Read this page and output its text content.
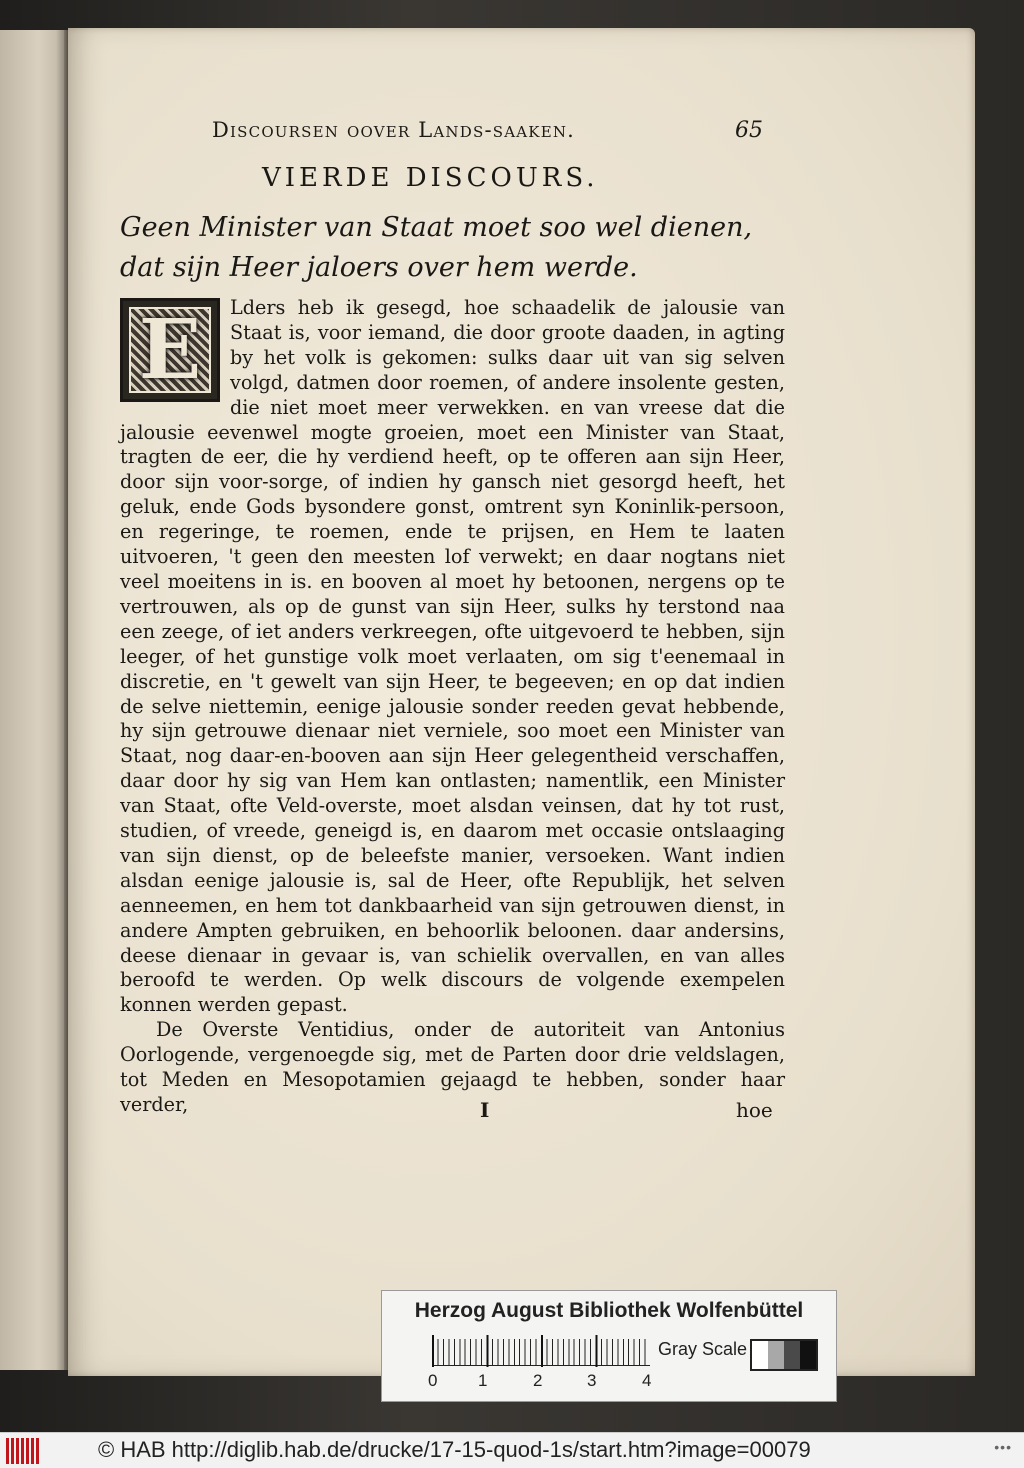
Discoursen oover Lands-saaken.	65
VIERDE DISCOURS.
Geen Minister van Staat moet soo wel dienen, dat sijn Heer jaloers over hem werde.
E	Lders heb ik gesegd, hoe schaadelik de jalousie van Staat is, voor iemand, die door groote daaden, in agting by het volk is gekomen: sulks daar uit van sig selven volgd, datmen door roemen, of andere insolente gesten, die niet moet meer verwekken. en van vreese dat die jalousie eevenwel mogte groeien, moet een Minister van Staat, tragten de eer, die hy verdiend heeft, op te offeren aan sijn Heer, door sijn voor-sorge, of indien hy gansch niet gesorgd heeft, het geluk, ende Gods bysondere gonst, omtrent syn Koninlik-persoon, en regeringe, te roemen, ende te prijsen, en Hem te laaten uitvoeren, 't geen den meesten lof verwekt; en daar nogtans niet veel moeitens in is. en booven al moet hy betoonen, nergens op te vertrouwen, als op de gunst van sijn Heer, sulks hy terstond naa een zeege, of iet anders verkreegen, ofte uitgevoerd te hebben, sijn leeger, of het gunstige volk moet verlaaten, om sig t'eenemaal in discretie, en 't gewelt van sijn Heer, te begeeven; en op dat indien de selve niettemin, eenige jalousie sonder reeden gevat hebbende, hy sijn getrouwe dienaar niet verniele, soo moet een Minister van Staat, nog daar-en-booven aan sijn Heer gelegentheid verschaffen, daar door hy sig van Hem kan ontlasten; namentlik, een Minister van Staat, ofte Veld-overste, moet alsdan veinsen, dat hy tot rust, studien, of vreede, geneigd is, en daarom met occasie ontslaaging van sijn dienst, op de beleefste manier, versoeken. Want indien alsdan eenige jalousie is, sal de Heer, ofte Republijk, het selven aenneemen, en hem tot dankbaarheid van sijn getrouwen dienst, in andere Ampten gebruiken, en behoorlik beloonen. daar andersins, deese dienaar in gevaar is, van schielik overvallen, en van alles beroofd te werden. Op welk discours de volgende exempelen konnen werden gepast.

De Overste Ventidius, onder de autoriteit van Antonius Oorlogende, vergenoegde sig, met de Parten door drie veldslagen, tot Meden en Mesopotamien gejaagd te hebben, sonder haar verder,	I	hoe
Herzog August Bibliothek Wolfenbüttel
0 1	2	3	4
Gray Scale
© HAB http://diglib.hab.de/drucke/17-15-quod-1s/start.htm?image=00079	•••
